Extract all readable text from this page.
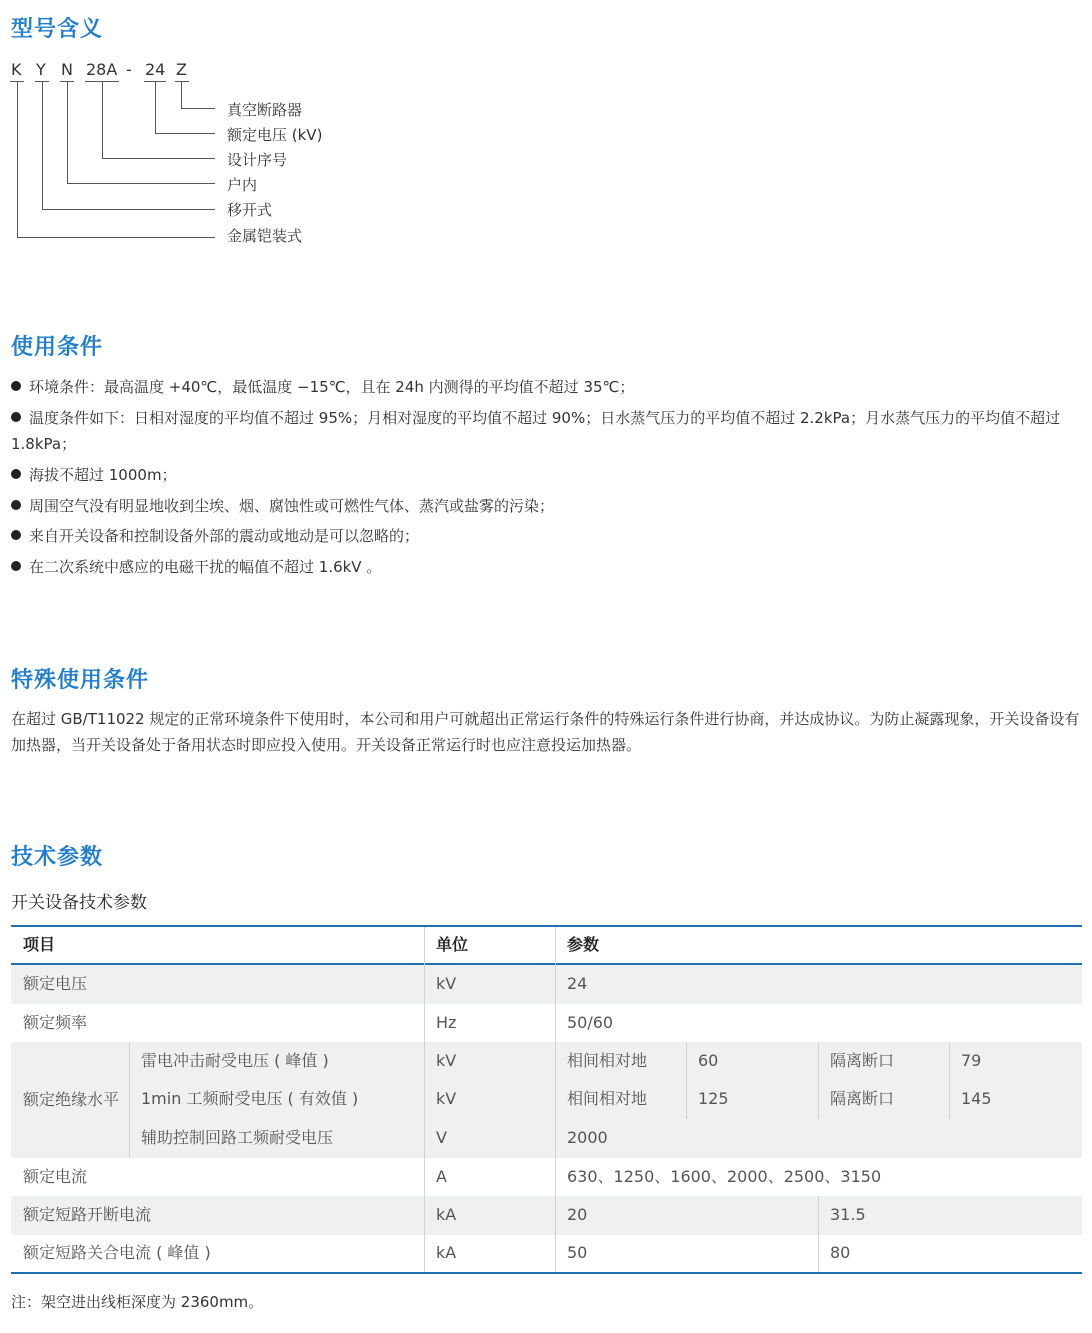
型号含义
K Y N 28A - 24 Z
真空断路器
额定电压 (kV)
设计序号
户内
移开式
金属铠装式
使用条件
环境条件：最高温度 +40℃，最低温度 −15℃，且在 24h 内测得的平均值不超过 35℃；
温度条件如下：日相对湿度的平均值不超过 95%；月相对湿度的平均值不超过 90%；日水蒸气压力的平均值不超过 2.2kPa；月水蒸气压力的平均值不超过 1.8kPa；
海拔不超过 1000m；
周围空气没有明显地收到尘埃、烟、腐蚀性或可燃性气体、蒸汽或盐雾的污染；
来自开关设备和控制设备外部的震动或地动是可以忽略的；
在二次系统中感应的电磁干扰的幅值不超过 1.6kV 。
特殊使用条件
在超过 GB/T11022 规定的正常环境条件下使用时，本公司和用户可就超出正常运行条件的特殊运行条件进行协商，并达成协议。为防止凝露现象，开关设备设有加热器，当开关设备处于备用状态时即应投入使用。开关设备正常运行时也应注意投运加热器。
技术参数
开关设备技术参数
项目	单位	参数
额定电压	kV	24
额定频率	Hz	50/60
额定绝缘水平
雷电冲击耐受电压 ( 峰值 )	kV	相间相对地	60	隔离断口	79
1min 工频耐受电压 ( 有效值 )	kV	相间相对地	125	隔离断口	145
辅助控制回路工频耐受电压	V	2000
额定电流	A	630、1250、1600、2000、2500、3150
额定短路开断电流	kA	20	31.5
额定短路关合电流 ( 峰值 )	kA	50	80
注：架空进出线柜深度为 2360mm。
